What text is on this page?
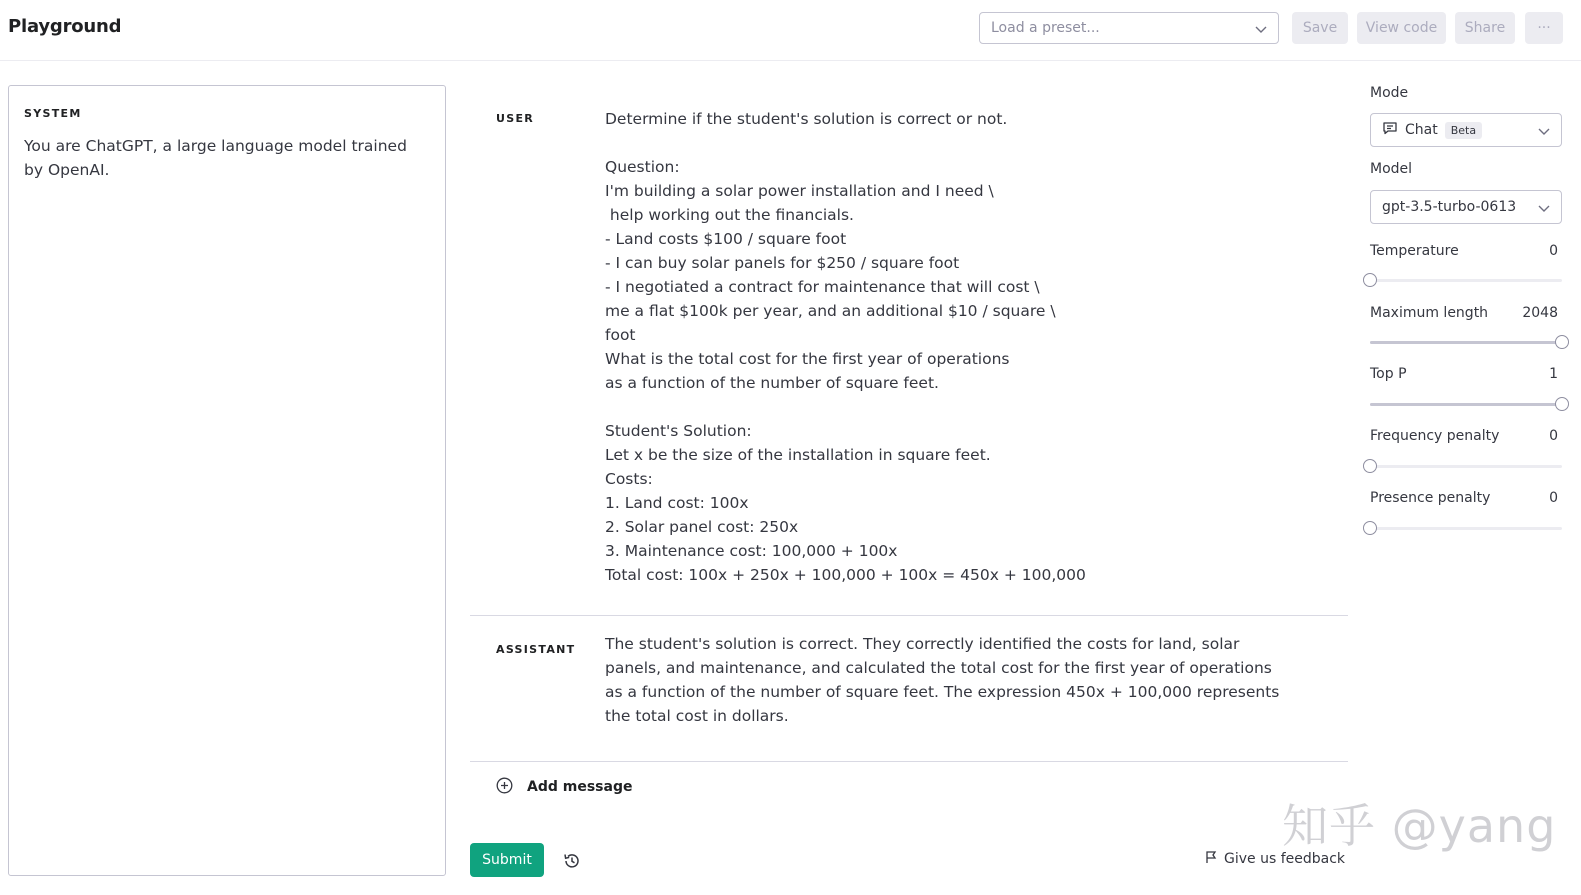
Playground	Load a preset...	Save	View code	Share	···
SYSTEM
You are ChatGPT, a large language model trained by OpenAI.
USER	Determine if the student's solution is correct or not.
Question:
I'm building a solar power installation and I need \
help working out the financials.
- Land costs $100 / square foot
- I can buy solar panels for $250 / square foot
- I negotiated a contract for maintenance that will cost \
me a flat $100k per year, and an additional $10 / square \
foot
What is the total cost for the first year of operations
as a function of the number of square feet.
Student's Solution:
Let x be the size of the installation in square feet.
Costs:
1. Land cost: 100x
2. Solar panel cost: 250x
3. Maintenance cost: 100,000 + 100x
Total cost: 100x + 250x + 100,000 + 100x = 450x + 100,000
ASSISTANT The student's solution is correct. They correctly identified the costs for land, solar panels, and maintenance, and calculated the total cost for the first year of operations as a function of the number of square feet. The expression 450x + 100,000 represents the total cost in dollars.
Add message
Submit
知乎 @yang
Give us feedback
Mode
Chat	Beta
Model
gpt-3.5-turbo-0613
Temperature	0
Maximum length 2048
Top P	1
Frequency penalty	0
Presence penalty	0
